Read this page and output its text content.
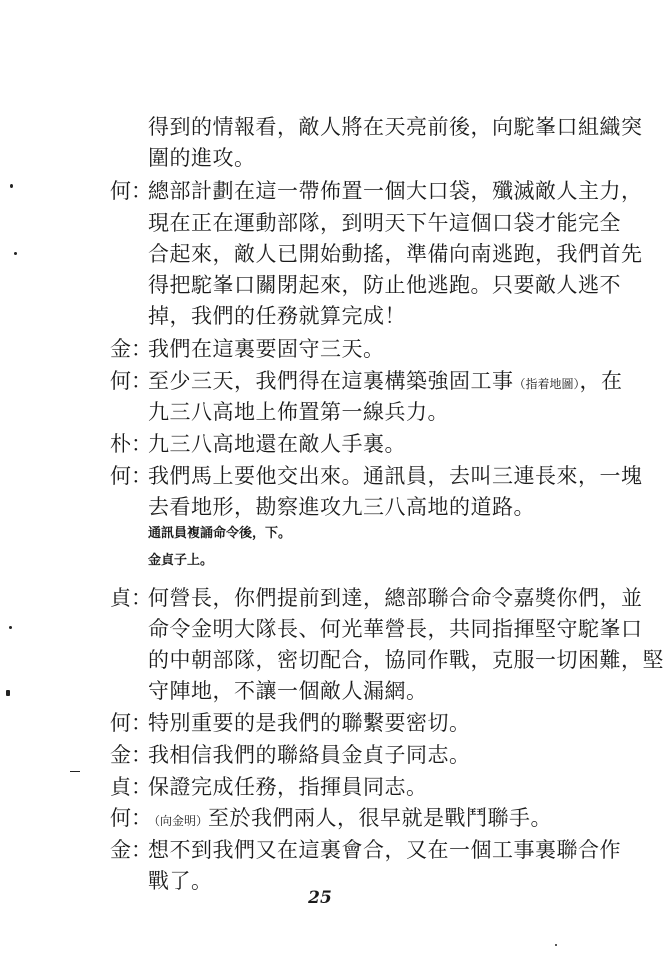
得到的情報看，敵人將在天亮前後，向駝峯口組織突
圍的進攻。
何：
總部計劃在這一帶佈置一個大口袋，殲滅敵人主力，
現在正在運動部隊，到明天下午這個口袋才能完全
合起來，敵人已開始動搖，準備向南逃跑，我們首先
得把駝峯口關閉起來，防止他逃跑。只要敵人逃不
掉，我們的任務就算完成！
金：
我們在這裏要固守三天。
何：
至少三天，我們得在這裏構築強固工事（指着地圖），在
九三八高地上佈置第一線兵力。
朴：
九三八高地還在敵人手裏。
何：
我們馬上要他交出來。通訊員，去叫三連長來，一塊
去看地形，勘察進攻九三八高地的道路。
通訊員複誦命令後，下。
金貞子上。
貞：
何營長，你們提前到達，總部聯合命令嘉獎你們，並
命令金明大隊長、何光華營長，共同指揮堅守駝峯口
的中朝部隊，密切配合，協同作戰，克服一切困難，堅
守陣地，不讓一個敵人漏網。
何：
特別重要的是我們的聯繫要密切。
金：
我相信我們的聯絡員金貞子同志。
貞：
保證完成任務，指揮員同志。
何：
（向金明）至於我們兩人，很早就是戰鬥聯手。
金：
想不到我們又在這裏會合，又在一個工事裏聯合作
戰了。
25
